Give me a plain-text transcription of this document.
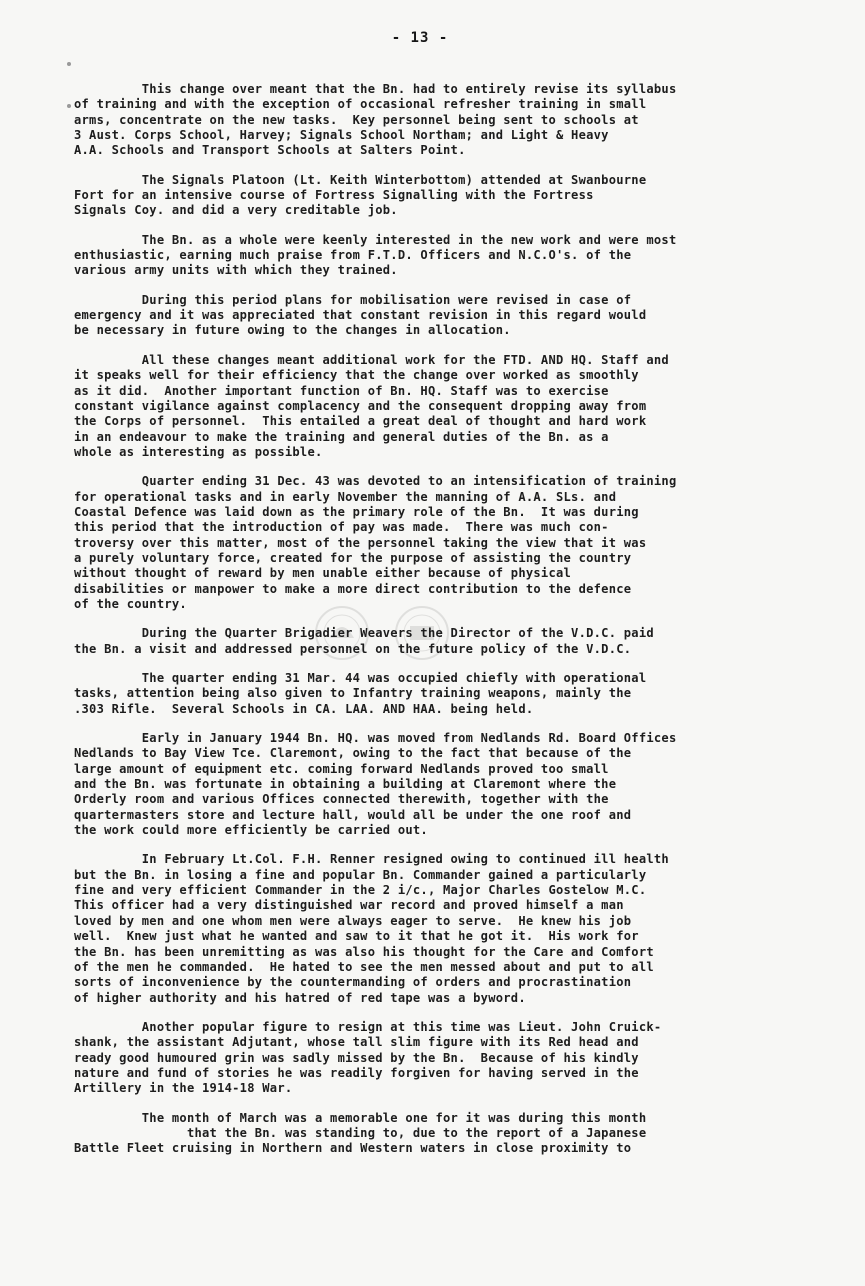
- 13 -
This change over meant that the Bn. had to entirely revise its syllabus
of training and with the exception of occasional refresher training in small
arms, concentrate on the new tasks.  Key personnel being sent to schools at
3 Aust. Corps School, Harvey; Signals School Northam; and Light & Heavy
A.A. Schools and Transport Schools at Salters Point.
The Signals Platoon (Lt. Keith Winterbottom) attended at Swanbourne
Fort for an intensive course of Fortress Signalling with the Fortress
Signals Coy. and did a very creditable job.
The Bn. as a whole were keenly interested in the new work and were most
enthusiastic, earning much praise from F.T.D. Officers and N.C.O's. of the
various army units with which they trained.
During this period plans for mobilisation were revised in case of
emergency and it was appreciated that constant revision in this regard would
be necessary in future owing to the changes in allocation.
All these changes meant additional work for the FTD. AND HQ. Staff and
it speaks well for their efficiency that the change over worked as smoothly
as it did.  Another important function of Bn. HQ. Staff was to exercise
constant vigilance against complacency and the consequent dropping away from
the Corps of personnel.  This entailed a great deal of thought and hard work
in an endeavour to make the training and general duties of the Bn. as a
whole as interesting as possible.
Quarter ending 31 Dec. 43 was devoted to an intensification of training
for operational tasks and in early November the manning of A.A. SLs. and
Coastal Defence was laid down as the primary role of the Bn.  It was during
this period that the introduction of pay was made.  There was much con-
troversy over this matter, most of the personnel taking the view that it was
a purely voluntary force, created for the purpose of assisting the country
without thought of reward by men unable either because of physical
disabilities or manpower to make a more direct contribution to the defence
of the country.
During the Quarter Brigadier Weavers the Director of the V.D.C. paid
the Bn. a visit and addressed personnel on the future policy of the V.D.C.
The quarter ending 31 Mar. 44 was occupied chiefly with operational
tasks, attention being also given to Infantry training weapons, mainly the
.303 Rifle.  Several Schools in CA. LAA. AND HAA. being held.
Early in January 1944 Bn. HQ. was moved from Nedlands Rd. Board Offices
Nedlands to Bay View Tce. Claremont, owing to the fact that because of the
large amount of equipment etc. coming forward Nedlands proved too small
and the Bn. was fortunate in obtaining a building at Claremont where the
Orderly room and various Offices connected therewith, together with the
quartermasters store and lecture hall, would all be under the one roof and
the work could more efficiently be carried out.
In February Lt.Col. F.H. Renner resigned owing to continued ill health
but the Bn. in losing a fine and popular Bn. Commander gained a particularly
fine and very efficient Commander in the 2 i/c., Major Charles Gostelow M.C.
This officer had a very distinguished war record and proved himself a man
loved by men and one whom men were always eager to serve.  He knew his job
well.  Knew just what he wanted and saw to it that he got it.  His work for
the Bn. has been unremitting as was also his thought for the Care and Comfort
of the men he commanded.  He hated to see the men messed about and put to all
sorts of inconvenience by the countermanding of orders and procrastination
of higher authority and his hatred of red tape was a byword.
Another popular figure to resign at this time was Lieut. John Cruick-
shank, the assistant Adjutant, whose tall slim figure with its Red head and
ready good humoured grin was sadly missed by the Bn.  Because of his kindly
nature and fund of stories he was readily forgiven for having served in the
Artillery in the 1914-18 War.
The month of March was a memorable one for it was during this month
that the Bn. was standing to, due to the report of a Japanese
Battle Fleet cruising in Northern and Western waters in close proximity to
